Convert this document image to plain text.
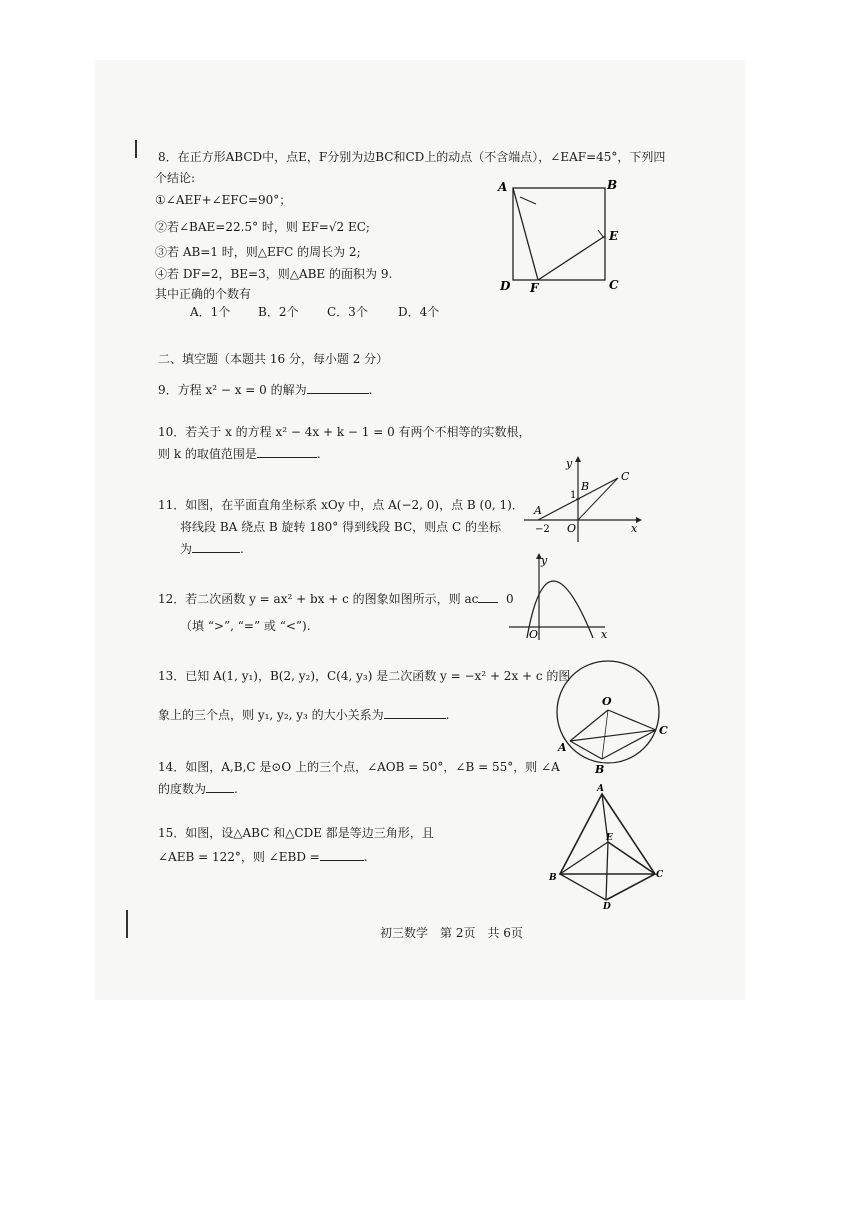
8．在正方形ABCD中，点E，F分别为边BC和CD上的动点（不含端点），∠EAF=45°，下列四
个结论:
①∠AEF+∠EFC=90°；
②若∠BAE=22.5° 时，则 EF=√2 EC;
③若 AB=1 时，则△EFC 的周长为 2;
④若 DF=2，BE=3，则△ABE 的面积为 9.
其中正确的个数有
A．1个 B．2个 C．3个	D．4个
A	B
E
D F	C
二、填空题（本题共 16 分，每小题 2 分）
9．方程 x² − x = 0 的解为	.
10．若关于 x 的方程 x² − 4x + k − 1 = 0 有两个不相等的实数根，
则 k 的取值范围是	.
11．如图，在平面直角坐标系 xOy 中，点 A(−2, 0)，点 B (0, 1)．
将线段 BA 绕点 B 旋转 180° 得到线段 BC，则点 C 的坐标
为	.
y
C
B
1
A
−2 O	x
12．若二次函数 y = ax² + bx + c 的图象如图所示，则 ac 0
（填 “>”, “=” 或 “<”).
y
O	x
13．已知 A(1, y₁)，B(2, y₂)，C(4, y₃) 是二次函数 y = −x² + 2x + c 的图
象上的三个点，则 y₁, y₂, y₃ 的大小关系为	.
O
C
A
B
14．如图，A,B,C 是⊙O 上的三个点，∠AOB = 50°，∠B = 55°，则 ∠A
的度数为 .
15．如图，设△ABC 和△CDE 都是等边三角形，且
∠AEB = 122°，则 ∠EBD =	.
A
E
B	C
D
初三数学　第 2页　共 6页
